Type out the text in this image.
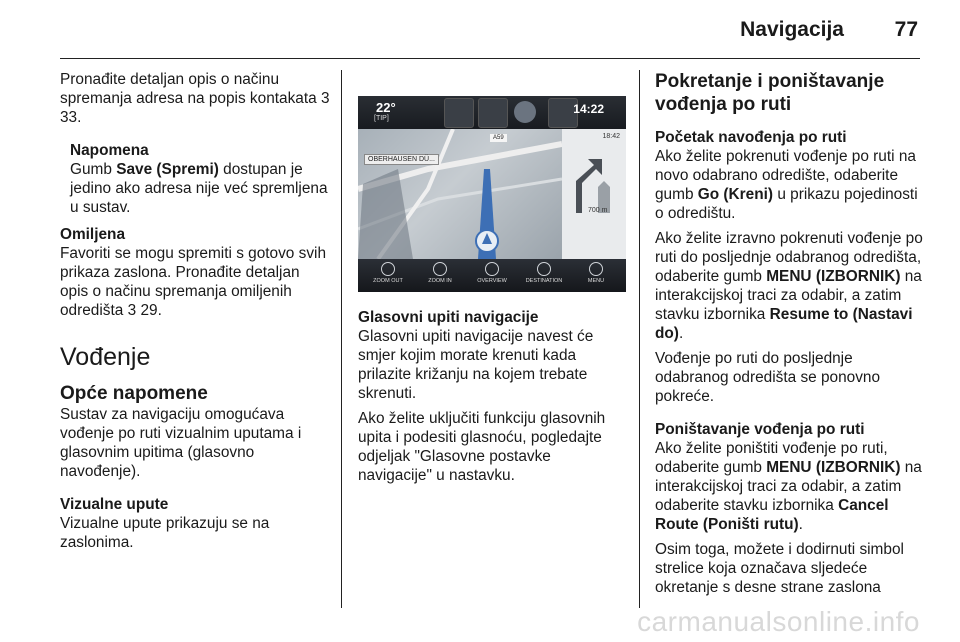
Navigacija 77

Pronađite detaljan opis o načinu spremanja adresa na popis kontakata 3 33.

Napomena

Gumb Save (Spremi) dostupan je jedino ako adresa nije već spremljena u sustav.

Omiljena

Favoriti se mogu spremiti s gotovo svih prikaza zaslona. Pronađite detaljan opis o načinu spremanja omiljenih odredišta 3 29.

Vođenje
Opće napomene

Sustav za navigaciju omogućava vođenje po ruti vizualnim uputama i glasovnim upitima (glasovno navođenje).

Vizualne upute

Vizualne upute prikazuju se na zaslonima.

22°
[TIP]
14:22
OBERHAUSEN DÜ...
A59	18:42
700 m
ZOOM OUT	ZOOM IN	OVERVIEW	DESTINATION	MENU

Glasovni upiti navigacije

Glasovni upiti navigacije navest će smjer kojim morate krenuti kada prilazite križanju na kojem trebate skrenuti.

Ako želite uključiti funkciju glasovnih upita i podesiti glasnoću, pogledajte odjeljak "Glasovne postavke navigacije" u nastavku.

Pokretanje i poništavanje vođenja po ruti

Početak navođenja po ruti

Ako želite pokrenuti vođenje po ruti na novo odabrano odredište, odaberite gumb Go (Kreni) u prikazu pojedinosti o odredištu.

Ako želite izravno pokrenuti vođenje po ruti do posljednje odabranog odredišta, odaberite gumb MENU (IZBORNIK) na interakcijskoj traci za odabir, a zatim stavku izbornika Resume to (Nastavi do).

Vođenje po ruti do posljednje odabranog odredišta se ponovno pokreće.

Poništavanje vođenja po ruti

Ako želite poništiti vođenje po ruti, odaberite gumb MENU (IZBORNIK) na interakcijskoj traci za odabir, a zatim odaberite stavku izbornika Cancel Route (Poništi rutu).

Osim toga, možete i dodirnuti simbol strelice koja označava sljedeće okretanje s desne strane zaslona

carmanualsonline.info
